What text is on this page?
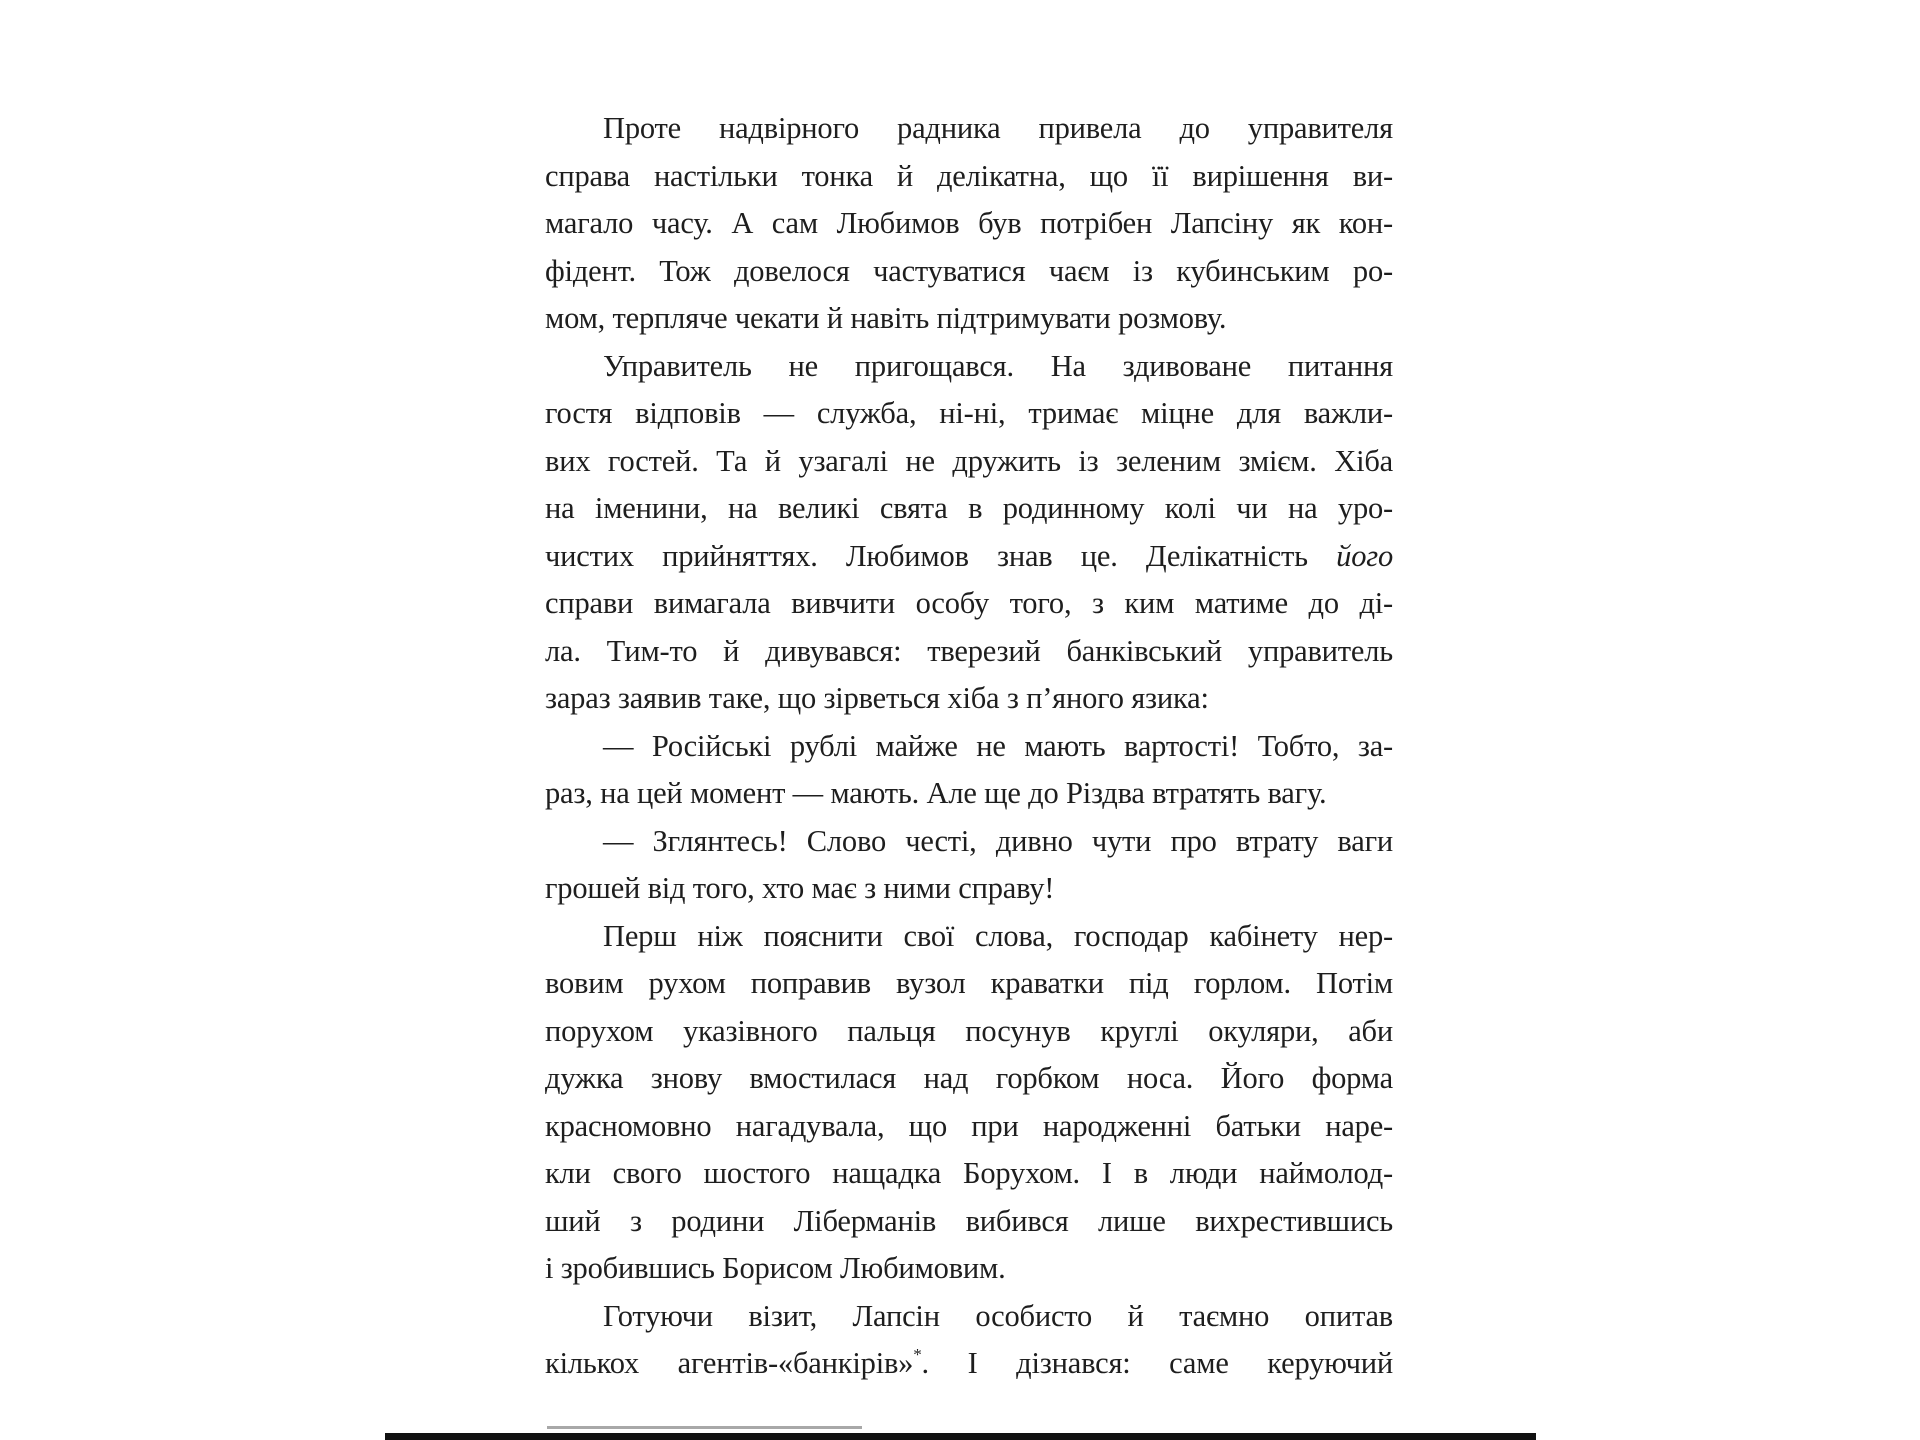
Проте надвірного радника привела до управителя
справа настільки тонка й делікатна, що її вирішення ви-
магало часу. А сам Любимов був потрібен Лапсіну як кон-
фідент. Тож довелося частуватися чаєм із кубинським ро-
мом, терпляче чекати й навіть підтримувати розмову.
Управитель не пригощався. На здивоване питання
гостя відповів — служба, ні-ні, тримає міцне для важли-
вих гостей. Та й узагалі не дружить із зеленим змієм. Хіба
на іменини, на великі свята в родинному колі чи на уро-
чистих прийняттях. Любимов знав це. Делікатність його
справи вимагала вивчити особу того, з ким матиме до ді-
ла. Тим-то й дивувався: тверезий банківський управитель
зараз заявив таке, що зірветься хіба з п’яного язика:
— Російські рублі майже не мають вартості! Тобто, за-
раз, на цей момент — мають. Але ще до Різдва втратять вагу.
— Зглянтесь! Слово честі, дивно чути про втрату ваги
грошей від того, хто має з ними справу!
Перш ніж пояснити свої слова, господар кабінету нер-
вовим рухом поправив вузол краватки під горлом. Потім
порухом указівного пальця посунув круглі окуляри, аби
дужка знову вмостилася над горбком носа. Його форма
красномовно нагадувала, що при народженні батьки наре-
кли свого шостого нащадка Борухом. І в люди наймолод-
ший з родини Ліберманів вибився лише вихрестившись
і зробившись Борисом Любимовим.
Готуючи візит, Лапсін особисто й таємно опитав
кількох агентів-«банкірів»*. І дізнався: саме керуючий
